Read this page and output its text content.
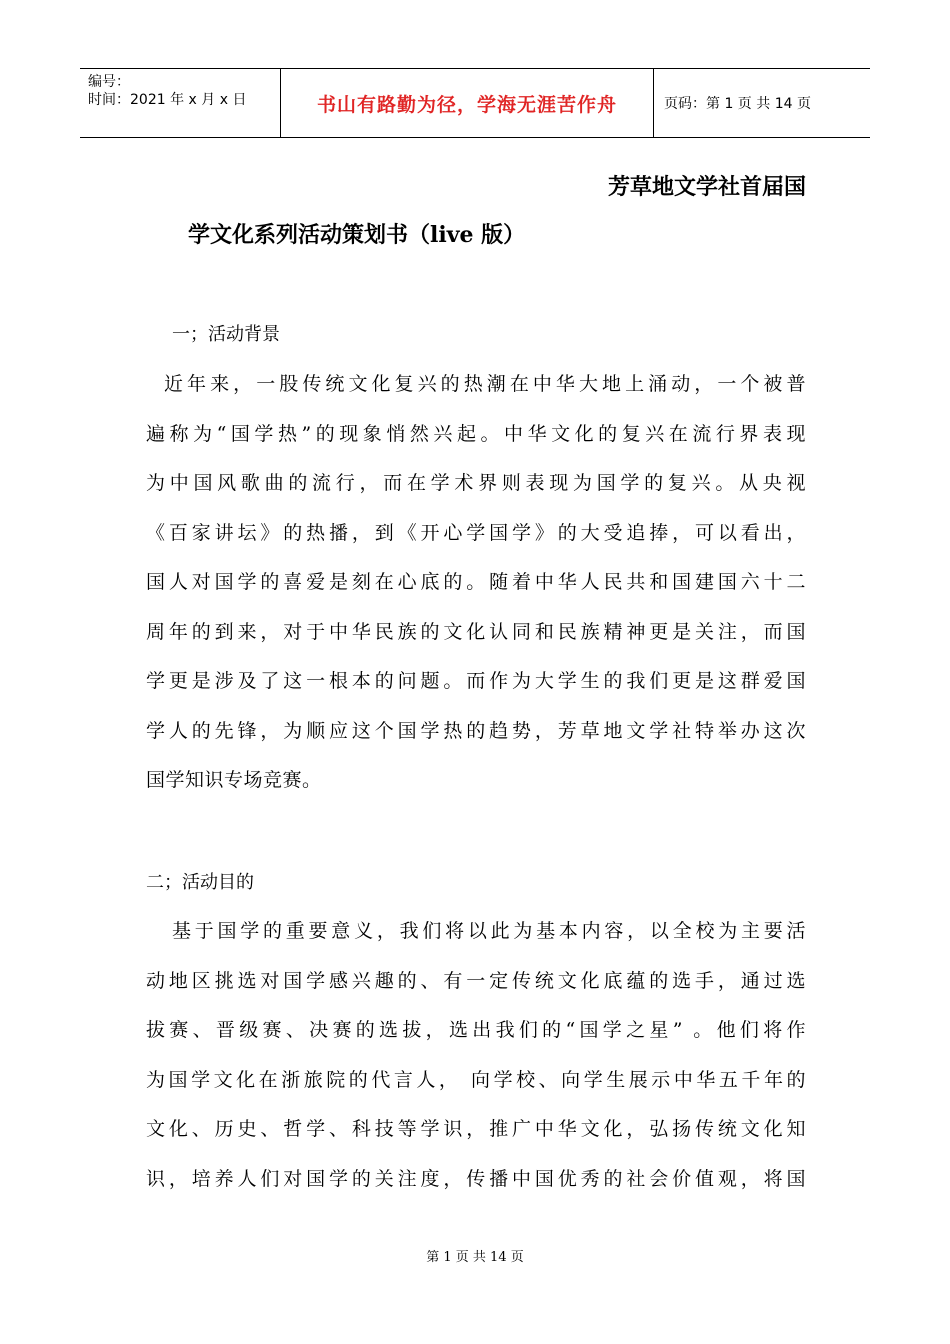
编号：
时间：2021 年 x 月 x 日	书山有路勤为径，学海无涯苦作舟	页码：第 1 页 共 14 页
芳草地文学社首届国
学文化系列活动策划书（live 版）
一；活动背景
近年来，一股传统文化复兴的热潮在中华大地上涌动，一个被普
遍称为“国学热”的现象悄然兴起。中华文化的复兴在流行界表现
为中国风歌曲的流行，而在学术界则表现为国学的复兴。从央视
《百家讲坛》的热播，到《开心学国学》的大受追捧，可以看出，
国人对国学的喜爱是刻在心底的。随着中华人民共和国建国六十二
周年的到来，对于中华民族的文化认同和民族精神更是关注，而国
学更是涉及了这一根本的问题。而作为大学生的我们更是这群爱国
学人的先锋，为顺应这个国学热的趋势，芳草地文学社特举办这次
国学知识专场竞赛。
二；活动目的
基于国学的重要意义，我们将以此为基本内容，以全校为主要活
动地区挑选对国学感兴趣的、有一定传统文化底蕴的选手，通过选
拔赛、晋级赛、决赛的选拔，选出我们的“国学之星” 。他们将作
为国学文化在浙旅院的代言人， 向学校、向学生展示中华五千年的
文化、历史、哲学、科技等学识，推广中华文化，弘扬传统文化知
识，培养人们对国学的关注度，传播中国优秀的社会价值观，将国
第 1 页 共 14 页
